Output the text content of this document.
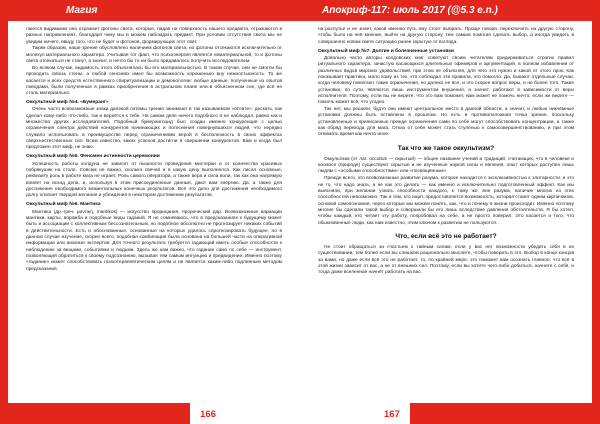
Магия

люется видимыми она отражает фотоны света, которые, падая на поверхность нашего предмета, отражаются в разных направлениях, благодаря чему мы и можем наблюдать предмет. При условии отсутствия света мы не увидим ничего, ввиду того, что не будет и фотонов, формирующих этот свет.

Таким образом, наше зрение обусловлено наличием фотонов света, но фотоны отсекаются исключительно от молекул материального характера. Учитывая тот факт, что психоэнергия является нематериальной, то и фотоны света отсекаться не станут, а значит, и нечто бы то ни было придавалось получить исследователем.

Во всяком случае, видимость этого объяснялась бы его материальностью. В таком случае, они не смогли бы проходить сквозь стены, а любой сенсинвх имел бы возможность хорошенько вну нежностьюность. То же касается и всех средств естественного спиритуализации и демонологии: любые данные, полученные из опытов поводами, были полученные в рамках приобретения в астральном плане или в объясненном сне, где всё не столь материально.

Оккультный миф №4. «Бумеранг»

Очень часто всевозможные знаки далекой ситемы трения занимают в так называемом «отлите»: дескать, как сделал кому-либо что-либо, так и вернётся к тебе. На самом деле ничего подобного я не наблюдал, равно как и множество других исследователей. Подобный бумерангоцид был создан именно конкуренция с целью ограничения спектра действий конкурентов начинающих и потеснения повернувшихся людей, что нередко служило использовать в преимуществе перед ограничениями верой в бесполезность в своих эффектах сверхъестественных сил. Всем известно, каких успехов достигли в свершении конкурентов. Вам и когда был предложен этот миф, не знаю.

Оккультный миф №5. Феномен истинности церемонии

Успешность работы колдуна не зависит от пышности проведения мистерии и от количества красивых побрякушек на столе. Совсем не важно, сколько свечей и в какую цену выполнялся. Как писал основные, реквизиту роль в работе мага не играет. Роль самого оператора, а также вера и сила воли, так как она напрямую влияет на исход дела, и, используя в этом присоединенные данные, дают вам энергию. Да, а также для достижения необходимого моментальных конечных результатов. Всё это дело для достижения необходимого долгу хлопает твердой желания и убеждения в некотором достижении результатов.

Оккультный миф №6. Мантика

Мантика (др.-греч. μαντική, mantikos) — искусство прорицания, пророческий дар. Всевозможные вариации мантики, карты, ворожба и подобные виды гаданий. Я не сомневаюсь, что в предсказаниях к будущему может быть и ассоциации с коллективным бессознательным, но подобное абсолютно не прогнозирует никаких событий в действительности. Есть и обоснованные, основанные на которых удалось спрогнозировать будущее, но в данном случае изучение, скорее всего, подобная комбинация была основана на большей части на оперативной информации или анализе экспертов. Для точного результата требуется гадающий иметь особые способности к наблюдению за вещами, событиями и людьми. Здесь же нам важно, что гадание само по себе — инструмент, позволяющий обратиться к своему подсознанию, вызывая тем самым интуицию и предвидение. Именно поэтому «гадание» может способствовать психотерапевтическим целям и не является каким-либо подлинным методом предсказания.

166
Апокриф-117: июль 2017 (@5.3 e.n.)

на распутье и не знает, какой именно путь ему стоит выбрать. Проще говоря, переключить на другую сторону, чтобы было на неё мнение, выйти на другую сторону, тем самым помогая сделать выбор, а иногда увидеть в совершенно новом свете ситуацию ранее скрытую от взгляда.

Оккультный миф №7. Долгие и болезненные установки

Довольно часто авторы колдовских книг советуют своим читателям придерживаться строгих правил ритуального характера, зачастую касающихся длительных эфемеров и аргументаций, в полном избавлении от различных видов мирских удовольствий, при этом не объясняя, для чего это нужно и какой от этого прок. Как показывает практика, мало кому из тех, кто соблюдал эти правила, это помогло. Да, бывают отдельные случаи, когда человеку помогают такие ограничения, но далеко не все, и это скорее вопрос веры, и не более того. Такие установки, по сути, являются лишь инструментом внушения, а значит, работают в зависимости от веры исполнителя. Поэтому, если вы не верите, что это вам поможет, вам может не помочь ничто; если же верите — помочь может всё, что угодно.

Так нет, мы решили, будто они имеют центральное место в данной области, а значит, и любые никчёмные установки должны быть оставлены в прошлом. Но есть и противоположная точка зрения, поскольку установленные и приписанные прежде ограничения сами по себе могут способствовать концентрации, а также как обряд перехода для мага. Отказ от себя может стать ступенью к самосовершенствованию, и при этом отнимать время как ничто иное.

Так что же такое оккультизм?

Оккультизм (от лат. occultus — скрытый) — общее название учений и традиций, считающих, что в человеке и космосе (природе) существуют скрытые и не изученные наукой силы и явления, опыт которых доступен лишь людям с «особыми способностями» или «посвящённым».

Прежде всего, это всевозможные развитие разума, которое находится с эксклюзивностью к элитарности, и это не то, что надо знать, а не как это делать — как именно и исключительно подготовленный эффект. Как мы выяснили, при желании узнать способности каждого, к тому же, вне разума, наличие многих из этих способностей невозможно. Так и тем, кто ищет, предоставляется возможность, которая станет одним кирпичиком, основой самопознания, через которые мы можем понять, как, что и почему в жизни происходит. Именно поэтому многие бы сделали такой выбор и совершили бы его лишь вследствие давления обстоятельств. Я бы хотел, чтобы каждый, кто читает эту работу, попробовал на себе, а не просто поверил. Это касается и того, что обыкновенные люди, как нам известно, этим ключом к развитию не пользуются.

Что, если всё это не работает?

Не стоит обращаться за счастьем к тайным силам, если у вас нет возможности убедить себя в их существовании, тем более если вы слишком рационально мыслите, чтобы поверить в это. Выбор в конце концов за вами, но даже если всё это не работает, то, по крайней мере, это поможет вам осознать главное: что всё в этой жизни зависит от вас, а не от внешних сил. Поэтому, если вы хотите чего-либо добиться, начните с себя, и тогда даже вселенная начнёт работать на вас.

167
